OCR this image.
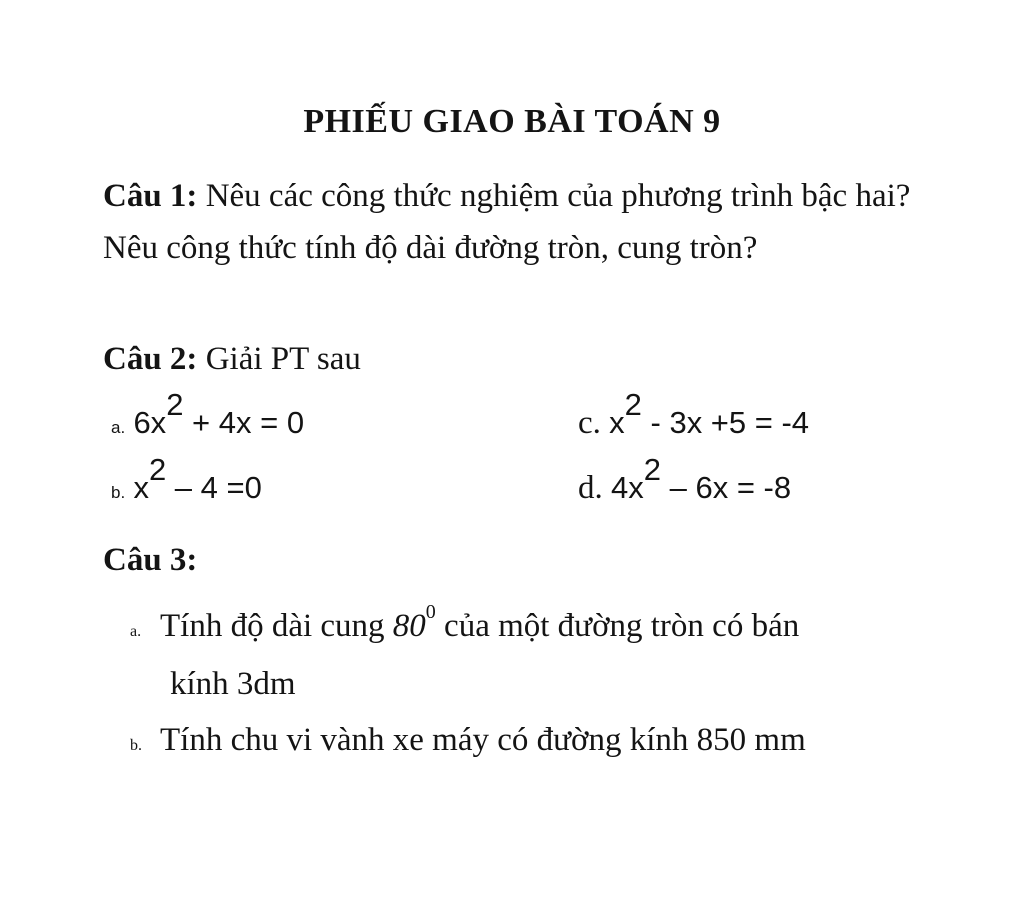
PHIẾU GIAO BÀI TOÁN 9
Câu 1: Nêu các công thức nghiệm của phương trình bậc hai? Nêu công thức tính độ dài đường tròn, cung tròn?
Câu 2: Giải PT sau
a. $6x^2 + 4x = 0$
b. $x^2 - 4 =0$
c. $x^2 - 3x +5 = -4$
d. $4x^2 - 6x = -8$
Câu 3:
a. Tính độ dài cung $80^0$ của một đường tròn có bán
kính 3dm
b. Tính chu vi vành xe máy có đường kính 850 mm
